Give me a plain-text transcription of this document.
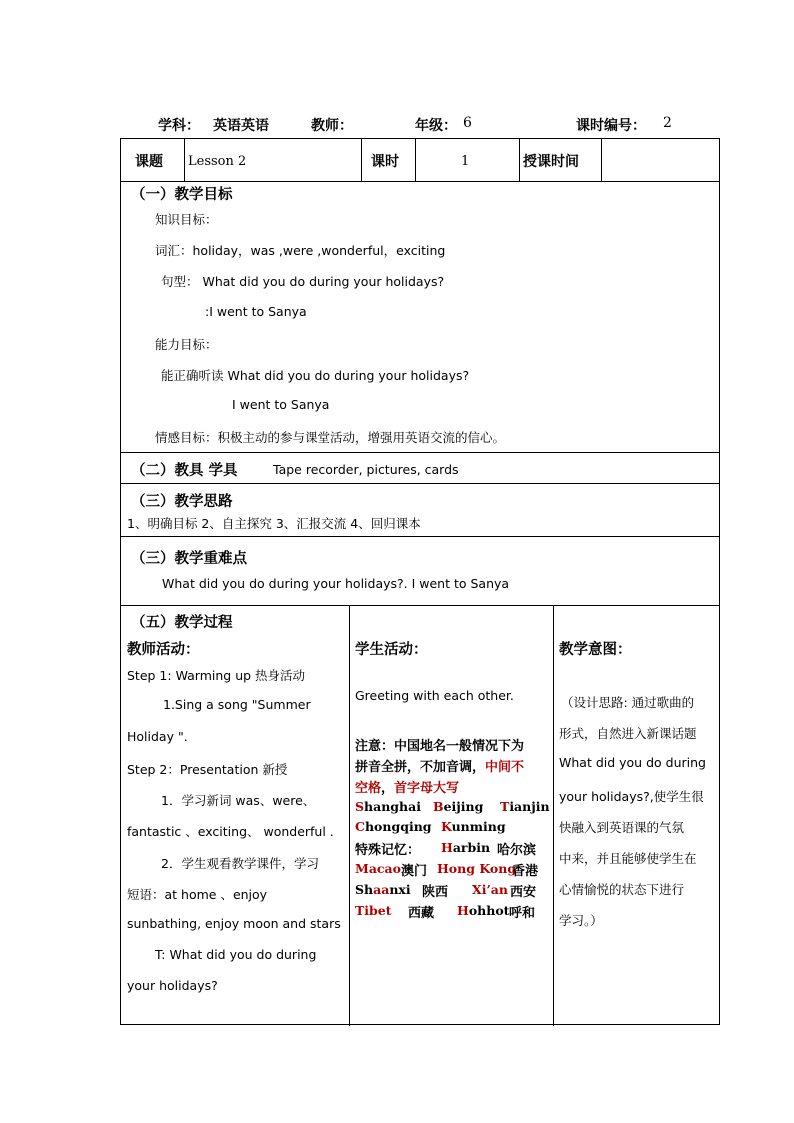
学科： 英语英语	教师：	年级： 6	课时编号： 2
课题 Lesson 2	课时	1	授课时间
（一）教学目标
知识目标：
词汇：holiday，was ,were ,wonderful，exciting
句型： What did you do during your holidays?
:I went to Sanya
能力目标：
能正确听读 What did you do during your holidays?
I went to Sanya
情感目标：积极主动的参与课堂活动，增强用英语交流的信心。
（二）教具 学具	Tape recorder, pictures, cards
（三）教学思路
1、明确目标 2、自主探究 3、汇报交流 4、回归课本
（三）教学重难点
What did you do during your holidays?. I went to Sanya
（五）教学过程
教师活动：
Step 1: Warming up 热身活动
1.Sing a song "Summer
Holiday ".
Step 2：Presentation 新授
1．学习新词 was、were、
fantastic 、exciting、 wonderful .
2．学生观看教学课件，学习
短语：at home 、enjoy
sunbathing, enjoy moon and stars
T: What did you do during
your holidays?
学生活动：
Greeting with each other.
注意：中国地名一般情况下为
拼音全拼，不加音调，中间不
空格，首字母大写
Shanghai Beijing Tianjin
Chongqing Kunming
特殊记忆： Harbin 哈尔滨
Macao 澳门 Hong Kong
香港
Shaanxi 陕西 Xi’an 西安
Tibet 西藏 Hohhot 呼和
教学意图：
（设计思路: 通过歌曲的
形式，自然进入新课话题
What did you do during
your holidays?,使学生很
快融入到英语课的气氛
中来，并且能够使学生在
心情愉悦的状态下进行
学习。）
